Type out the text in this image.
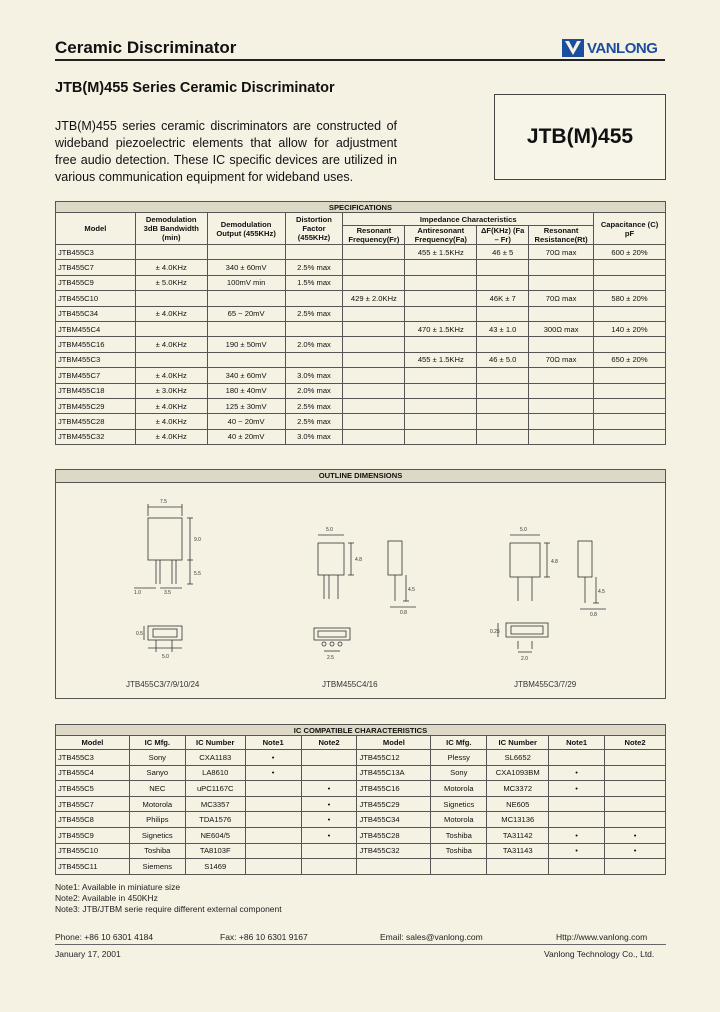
Ceramic Discriminator	VANLONG
JTB(M)455 Series Ceramic Discriminator
JTB(M)455 series ceramic discriminators are constructed of wideband piezoelectric elements that allow for adjustment free audio detection. These IC specific devices are utilized in various communication equipment for wideband uses.
JTB(M)455
SPECIFICATIONS								
Model	Demodulation 3dB Bandwidth (min)	Demodulation Output (455KHz)	Distortion Factor (455KHz)	Impedance Characteristics				Capacitance (C) pF
				Resonant Frequency(Fr)	Antiresonant Frequency(Fa)	ΔF(KHz) (Fa – Fr)	Resonant Resistance(Rt)	
JTB455C3					455 ± 1.5KHz	46 ± 5	70Ω max	600 ± 20%
JTB455C7	± 4.0KHz	340 ± 60mV	2.5% max					
JTB455C9	± 5.0KHz	100mV min	1.5% max					
JTB455C10				429 ± 2.0KHz		46K ± 7	70Ω max	580 ± 20%
JTB455C34	± 4.0KHz	65 ~ 20mV	2.5% max					
JTBM455C4					470 ± 1.5KHz	43 ± 1.0	300Ω max	140 ± 20%
JTBM455C16	± 4.0KHz	190 ± 50mV	2.0% max					
JTBM455C3					455 ± 1.5KHz	46 ± 5.0	70Ω max	650 ± 20%
JTBM455C7	± 4.0KHz	340 ± 60mV	3.0% max					
JTBM455C18	± 3.0KHz	180 ± 40mV	2.0% max					
JTBM455C29	± 4.0KHz	125 ± 30mV	2.5% max					
JTBM455C28	± 4.0KHz	40 ~ 20mV	2.5% max					
JTBM455C32	± 4.0KHz	40 ± 20mV	3.0% max					
OUTLINE DIMENSIONS
7.5
9.0
5.5
1.0	3.5
0.5
5.0
5.0
4.8
4.5
0.8
2.5
5.0
4.8
4.5
0.8
0.25
2.0
JTB455C3/7/9/10/24	JTBM455C4/16	JTBM455C3/7/29
IC COMPATIBLE CHARACTERISTICS									
Model	IC Mfg.	IC Number	Note1	Note2	Model	IC Mfg.	IC Number	Note1	Note2
JTB455C3	Sony	CXA1183	•		JTB455C12	Plessy	SL6652		
JTB455C4	Sanyo	LA8610	•		JTB455C13A	Sony	CXA1093BM	•	
JTB455C5	NEC	uPC1167C		•	JTB455C16	Motorola	MC3372	•	
JTB455C7	Motorola	MC3357		•	JTB455C29	Signetics	NE605		
JTB455C8	Philips	TDA1576		•	JTB455C34	Motorola	MC13136		
JTB455C9	Signetics	NE604/5		•	JTB455C28	Toshiba	TA31142	•	•
JTB455C10	Toshiba	TA8103F			JTB455C32	Toshiba	TA31143	•	•
JTB455C11	Siemens	S1469							
Note1: Available in miniature size
Note2: Available in 450KHz
Note3: JTB/JTBM serie require different external component
Phone: +86 10 6301 4184	Fax: +86 10 6301 9167	Email: sales@vanlong.com	Http://www.vanlong.com
January 17, 2001	Vanlong Technology Co., Ltd.
